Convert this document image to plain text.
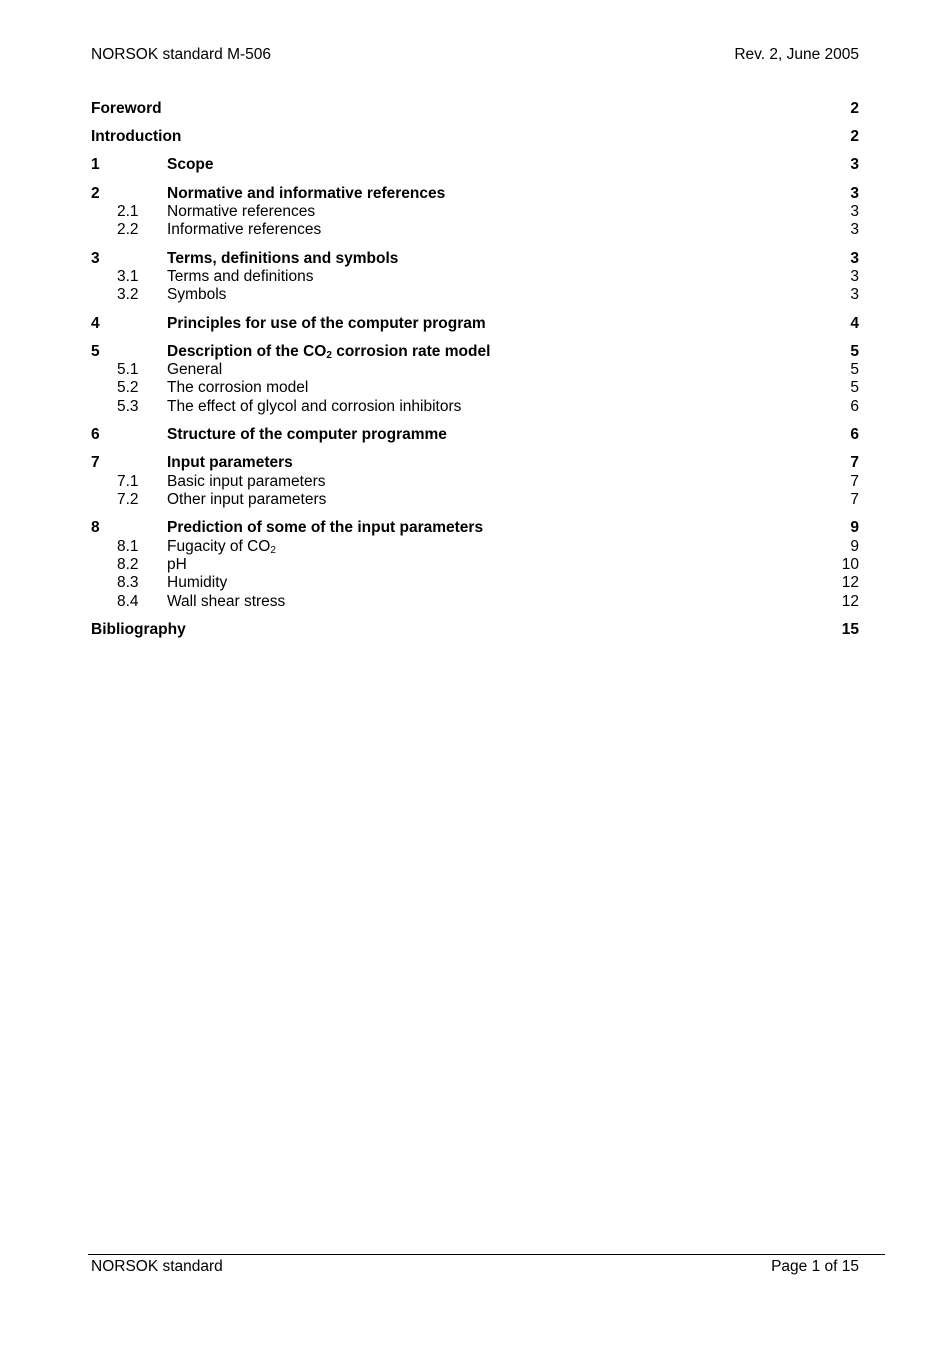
NORSOK standard M-506	Rev. 2, June 2005
Foreword	2
Introduction	2
1	Scope	3
2	Normative and informative references	3
2.1 Normative references	3
2.2 Informative references	3
3	Terms, definitions and symbols	3
3.1 Terms and definitions	3
3.2 Symbols	3
4	Principles for use of the computer program	4
5	Description of the $CO_2$ corrosion rate model	5
5.1 General	5
5.2 The corrosion model	5
5.3 The effect of glycol and corrosion inhibitors	6
6	Structure of the computer programme	6
7	Input parameters	7
7.1 Basic input parameters	7
7.2 Other input parameters	7
8	Prediction of some of the input parameters	9
8.1 Fugacity of $CO_2$	9
8.2 pH	10
8.3 Humidity	12
8.4 Wall shear stress	12
Bibliography	15
NORSOK standard	Page 1 of 15
